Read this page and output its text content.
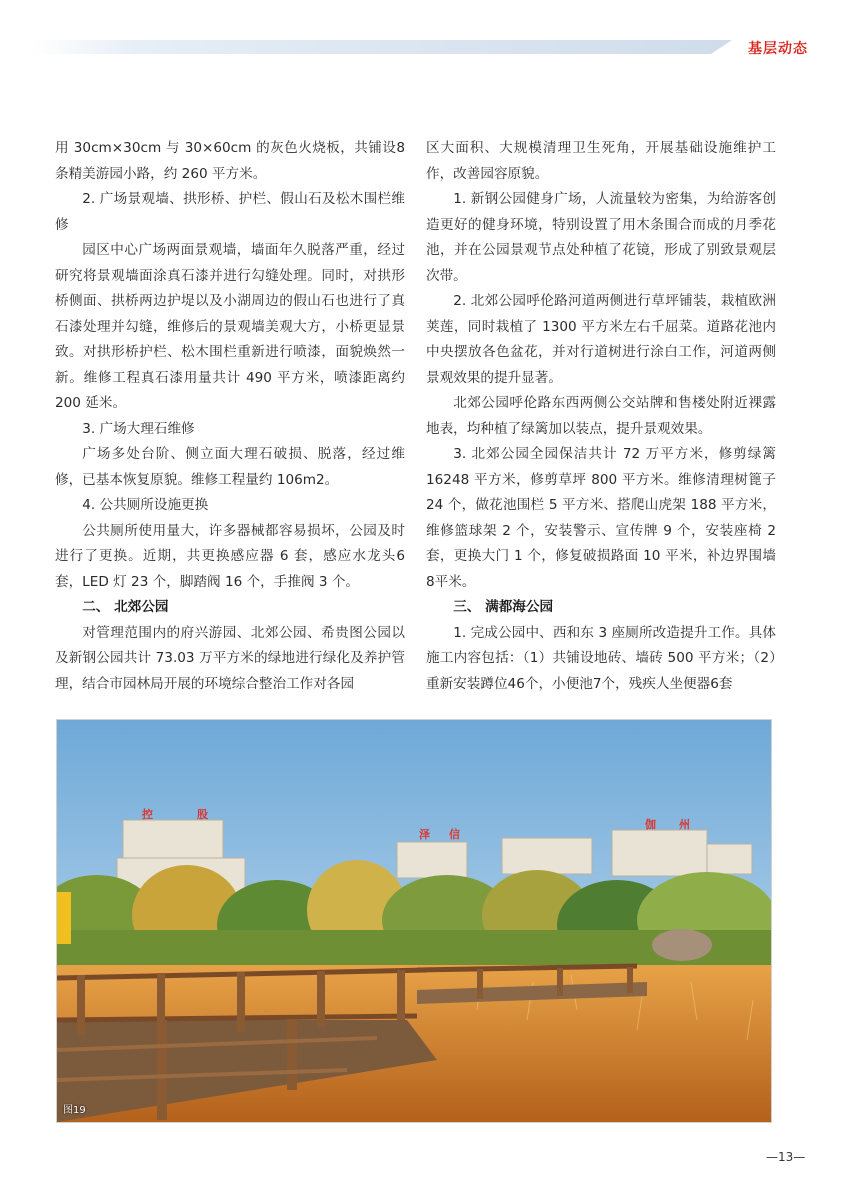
基层动态

用 30cm×30cm 与 30×60cm 的灰色火烧板，共铺设8 条精美游园小路，约 260 平方米。

2. 广场景观墙、拱形桥、护栏、假山石及松木围栏维修

园区中心广场两面景观墙，墙面年久脱落严重，经过研究将景观墙面涂真石漆并进行勾缝处理。同时，对拱形桥侧面、拱桥两边护堤以及小湖周边的假山石也进行了真石漆处理并勾缝，维修后的景观墙美观大方，小桥更显景致。对拱形桥护栏、松木围栏重新进行喷漆，面貌焕然一新。维修工程真石漆用量共计 490 平方米，喷漆距离约 200 延米。

3. 广场大理石维修

广场多处台阶、侧立面大理石破损、脱落，经过维修，已基本恢复原貌。维修工程量约 106m2。

4. 公共厕所设施更换

公共厕所使用量大，许多器械都容易损坏，公园及时进行了更换。近期，共更换感应器 6 套，感应水龙头6 套，LED 灯 23 个，脚踏阀 16 个，手推阀 3 个。

二、 北郊公园

对管理范围内的府兴游园、北郊公园、希贵图公园以及新钢公园共计 73.03 万平方米的绿地进行绿化及养护管理，结合市园林局开展的环境综合整治工作对各园

区大面积、大规模清理卫生死角，开展基础设施维护工作，改善园容原貌。

1. 新钢公园健身广场，人流量较为密集，为给游客创造更好的健身环境，特别设置了用木条围合而成的月季花池，并在公园景观节点处种植了花镜，形成了别致景观层次带。

2. 北郊公园呼伦路河道两侧进行草坪铺装，栽植欧洲荚莲，同时栽植了 1300 平方米左右千屈菜。道路花池内中央摆放各色盆花，并对行道树进行涂白工作，河道两侧景观效果的提升显著。

北郊公园呼伦路东西两侧公交站牌和售楼处附近裸露地表，均种植了绿篱加以装点，提升景观效果。

3. 北郊公园全园保洁共计 72 万平方米，修剪绿篱16248 平方米，修剪草坪 800 平方米。维修清理树篦子 24 个，做花池围栏 5 平方米、搭爬山虎架 188 平方米，维修篮球架 2 个，安装警示、宣传牌 9 个，安装座椅 2 套，更换大门 1 个，修复破损路面 10 平米，补边界围墙 8平米。

三、 满都海公园

1. 完成公园中、西和东 3 座厕所改造提升工作。具体施工内容包括：（1）共铺设地砖、墙砖 500 平方米；（2）重新安装蹲位46个，小便池7个，残疾人坐便器6套

控	股
泽 信
伽 州
图19
—13—
